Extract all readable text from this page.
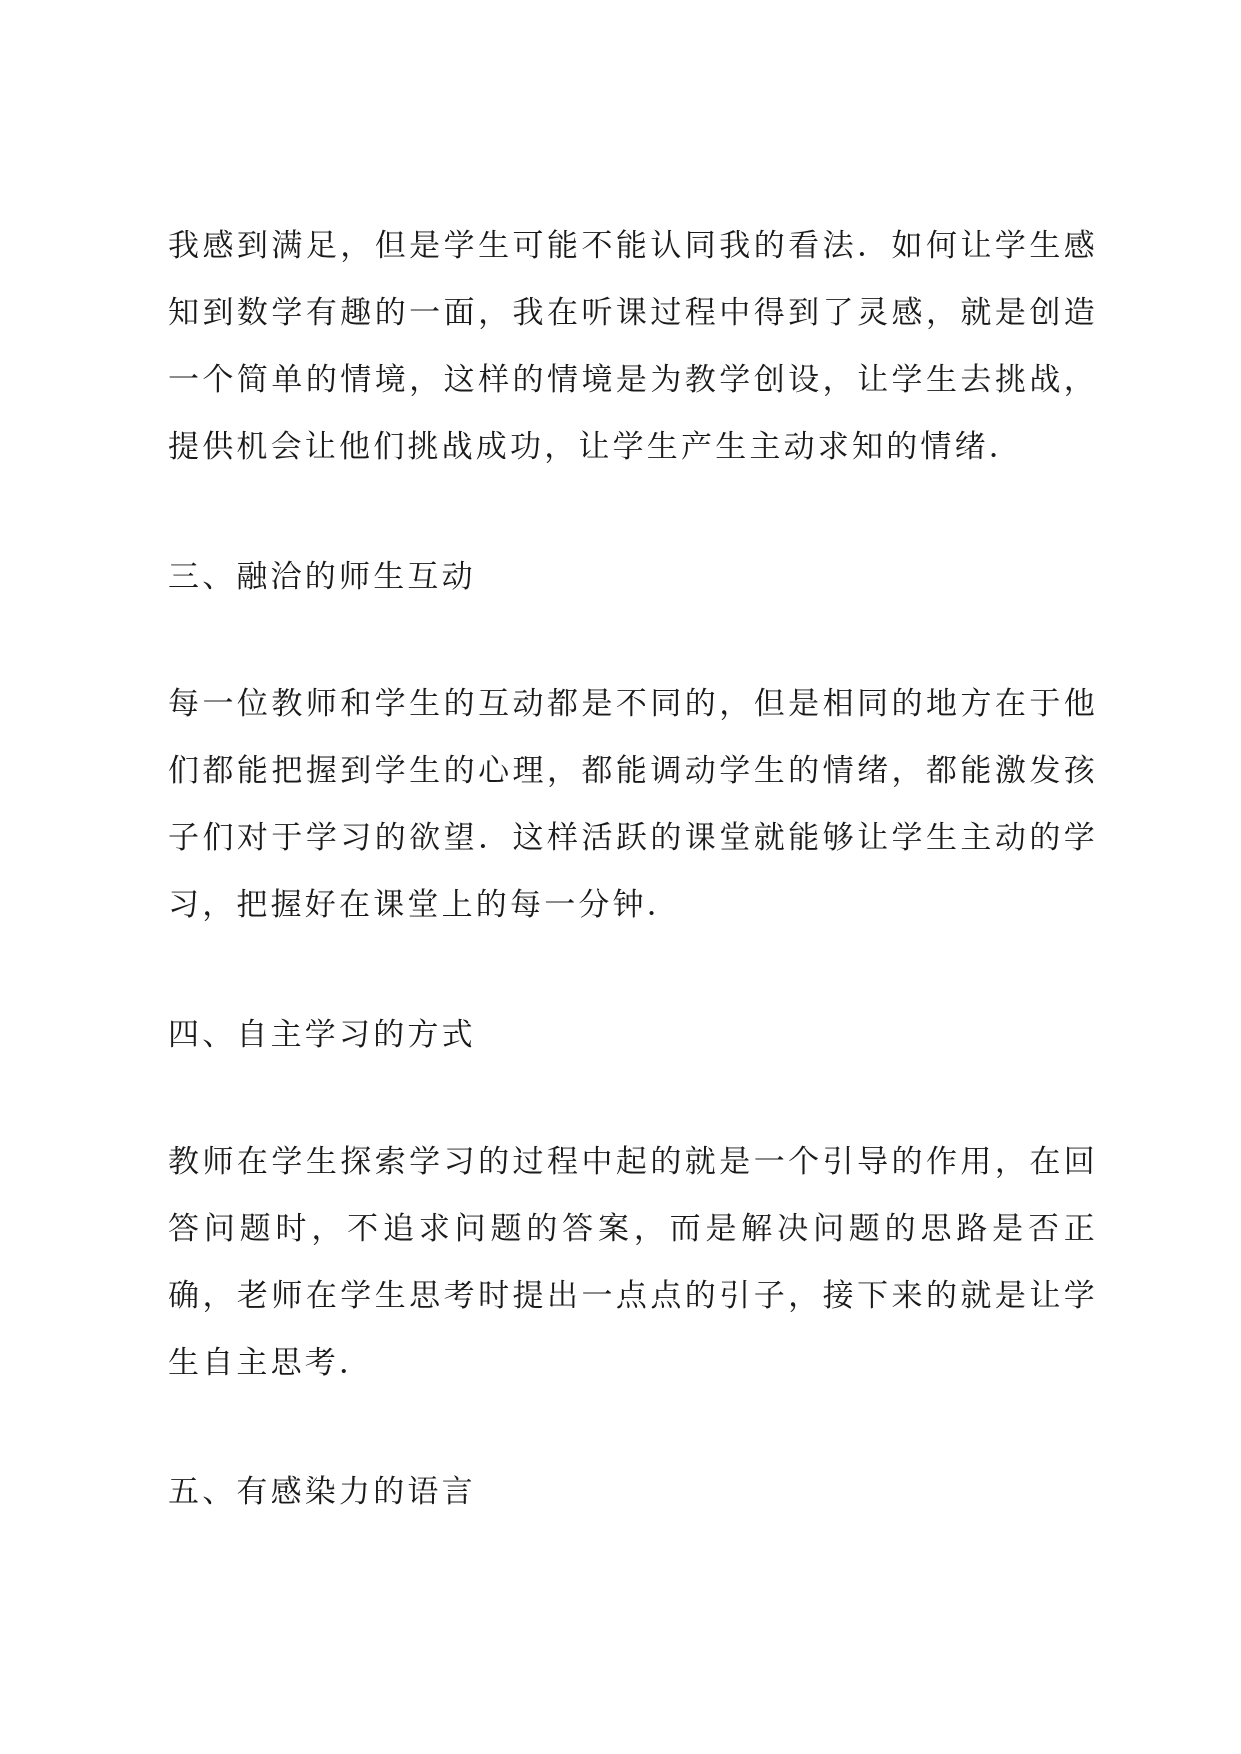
我感到满足，但是学生可能不能认同我的看法．如何让学生感知到数学有趣的一面，我在听课过程中得到了灵感，就是创造一个简单的情境，这样的情境是为教学创设，让学生去挑战，提供机会让他们挑战成功，让学生产生主动求知的情绪．
三、融洽的师生互动
每一位教师和学生的互动都是不同的，但是相同的地方在于他们都能把握到学生的心理，都能调动学生的情绪，都能激发孩子们对于学习的欲望．这样活跃的课堂就能够让学生主动的学习，把握好在课堂上的每一分钟．
四、自主学习的方式
教师在学生探索学习的过程中起的就是一个引导的作用，在回答问题时，不追求问题的答案，而是解决问题的思路是否正确，老师在学生思考时提出一点点的引子，接下来的就是让学生自主思考．
五、有感染力的语言
